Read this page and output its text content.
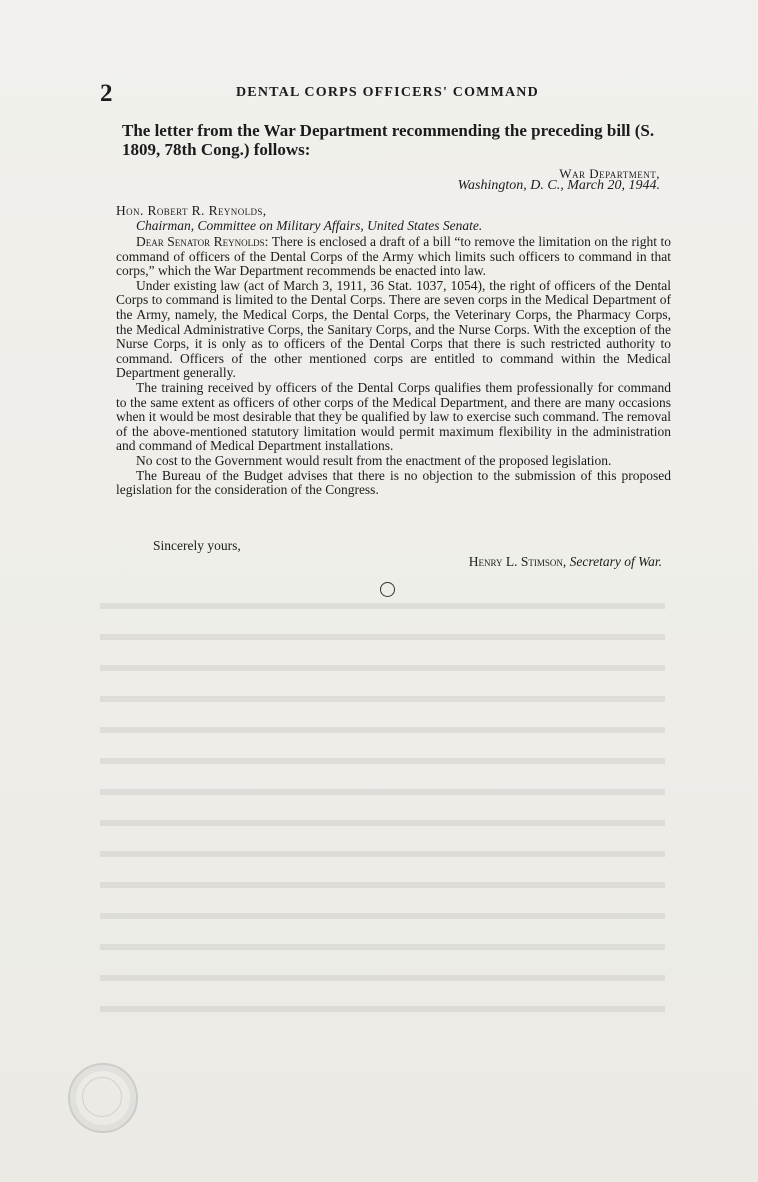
2	DENTAL CORPS OFFICERS' COMMAND
The letter from the War Department recommending the preceding bill (S. 1809, 78th Cong.) follows:
War Department,
Washington, D. C., March 20, 1944.
Hon. Robert R. Reynolds,
Chairman, Committee on Military Affairs, United States Senate.

Dear Senator Reynolds: There is enclosed a draft of a bill “to remove the limitation on the right to command of officers of the Dental Corps of the Army which limits such officers to command in that corps,” which the War Department recommends be enacted into law.

Under existing law (act of March 3, 1911, 36 Stat. 1037, 1054), the right of officers of the Dental Corps to command is limited to the Dental Corps. There are seven corps in the Medical Department of the Army, namely, the Medical Corps, the Dental Corps, the Veterinary Corps, the Pharmacy Corps, the Medical Administrative Corps, the Sanitary Corps, and the Nurse Corps. With the exception of the Nurse Corps, it is only as to officers of the Dental Corps that there is such restricted authority to command. Officers of the other mentioned corps are entitled to command within the Medical Department generally.

The training received by officers of the Dental Corps qualifies them professionally for command to the same extent as officers of other corps of the Medical Department, and there are many occasions when it would be most desirable that they be qualified by law to exercise such command. The removal of the above-mentioned statutory limitation would permit maximum flexibility in the administration and command of Medical Department installations.

No cost to the Government would result from the enactment of the proposed legislation.

The Bureau of the Budget advises that there is no objection to the submission of this proposed legislation for the consideration of the Congress.

Sincerely yours,
Henry L. Stimson, Secretary of War.
